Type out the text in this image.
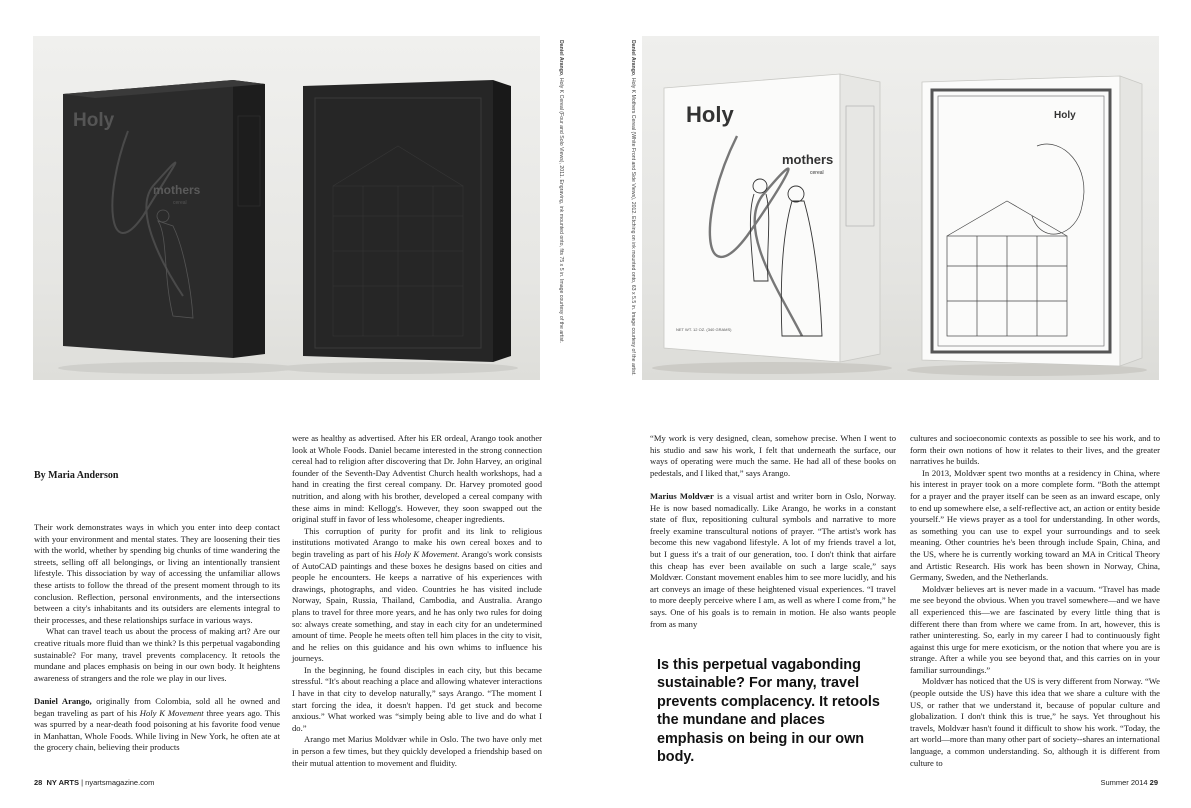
Holy
mothers
cereal
Daniel Arango, Holy K Cereal (Four and Solo Views), 2011. Engraving, ink mounted onto, fits 75 x 5 in. Image courtesy of the artist.
Daniel Arango, Holy K Mothers Cereal (White Front and Side Views), 2012. Etching on ink mounted onto, 63 x 5.5 in. Image courtesy of the artist. Holy
mothers
cereal
NET WT. 12 OZ. (340 GRAMS)
Holy
By Maria Anderson

Their work demonstrates ways in which you enter into deep contact with your environment and mental states. They are loosening their ties with the world, whether by spending big chunks of time wandering the streets, selling off all belongings, or living an intentionally transient lifestyle. This dissociation by way of accessing the unfamiliar allows these artists to follow the thread of the present moment through to its conclusion. Reflection, personal environments, and the intersections between a city's inhabitants and its outsiders are elements integral to their processes, and these relationships surface in various ways.

What can travel teach us about the process of making art? Are our creative rituals more fluid than we think? Is this perpetual vagabonding sustainable? For many, travel prevents complacency. It retools the mundane and places emphasis on being in our own body. It heightens awareness of strangers and the role we play in our lives.

Daniel Arango, originally from Colombia, sold all he owned and began traveling as part of his Holy K Movement three years ago. This was spurred by a near-death food poisoning at his favorite food venue in Manhattan, Whole Foods. While living in New York, he often ate at the grocery chain, believing their products

were as healthy as advertised. After his ER ordeal, Arango took another look at Whole Foods. Daniel became interested in the strong connection cereal had to religion after discovering that Dr. John Harvey, an original founder of the Seventh-Day Adventist Church health workshops, had a hand in creating the first cereal company. Dr. Harvey promoted good nutrition, and along with his brother, developed a cereal company with these aims in mind: Kellogg's. However, they soon swapped out the original stuff in favor of less wholesome, cheaper ingredients.

This corruption of purity for profit and its link to religious institutions motivated Arango to make his own cereal boxes and to begin traveling as part of his Holy K Movement. Arango's work consists of AutoCAD paintings and these boxes he designs based on cities and people he encounters. He keeps a narrative of his experiences with drawings, photographs, and video. Countries he has visited include Norway, Spain, Russia, Thailand, Cambodia, and Australia. Arango plans to travel for three more years, and he has only two rules for doing so: always create something, and stay in each city for an undetermined amount of time. People he meets often tell him places in the city to visit, and he relies on this guidance and his own whims to influence his journeys.

In the beginning, he found disciples in each city, but this became stressful. “It's about reaching a place and allowing whatever interactions I have in that city to develop naturally,” says Arango. “The moment I start forcing the idea, it doesn't happen. I'd get stuck and become anxious.” What worked was “simply being able to live and do what I do.”

Arango met Marius Moldvær while in Oslo. The two have only met in person a few times, but they quickly developed a friendship based on their mutual attention to movement and fluidity.

“My work is very designed, clean, somehow precise. When I went to his studio and saw his work, I felt that underneath the surface, our ways of operating were much the same. He had all of these books on pedestals, and I liked that,” says Arango.

Marius Moldvær is a visual artist and writer born in Oslo, Norway. He is now based nomadically. Like Arango, he works in a constant state of flux, repositioning cultural symbols and narrative to more freely examine transcultural notions of prayer. “The artist's work has become this new vagabond lifestyle. A lot of my friends travel a lot, but I guess it's a trait of our generation, too. I don't think that airfare this cheap has ever been available on such a large scale,” says Moldvær. Constant movement enables him to see more lucidly, and his art conveys an image of these heightened visual experiences. “I travel to more deeply perceive where I am, as well as where I come from,” he says. One of his goals is to remain in motion. He also wants people from as many

Is this perpetual vagabonding sustainable? For many, travel prevents complacency. It retools the mundane and places emphasis on being in our own body.

cultures and socioeconomic contexts as possible to see his work, and to form their own notions of how it relates to their lives, and the greater narratives he builds.

In 2013, Moldvær spent two months at a residency in China, where his interest in prayer took on a more complete form. “Both the attempt for a prayer and the prayer itself can be seen as an inward escape, only to end up somewhere else, a self-reflective act, an action or entity beside yourself.” He views prayer as a tool for understanding. In other words, as something you can use to expel your surroundings and to seek meaning. Other countries he's been through include Spain, China, and the US, where he is currently working toward an MA in Critical Theory and Artistic Research. His work has been shown in Norway, China, Germany, Sweden, and the Netherlands.

Moldvær believes art is never made in a vacuum. “Travel has made me see beyond the obvious. When you travel somewhere—and we have all experienced this—we are fascinated by every little thing that is different there than from where we came from. In art, however, this is rather uninteresting. So, early in my career I had to continuously fight against this urge for mere exoticism, or the notion that where you are is strange. After a while you see beyond that, and this carries on in your familiar surroundings.”

Moldvær has noticed that the US is very different from Norway. “We (people outside the US) have this idea that we share a culture with the US, or rather that we understand it, because of popular culture and globalization. I don't think this is true,” he says. Yet throughout his travels, Moldvær hasn't found it difficult to show his work. “Today, the art world—more than many other part of society--shares an international language, a common understanding. So, although it is different from culture to

28 NY ARTS | nyartsmagazine.com	Summer 2014 29
